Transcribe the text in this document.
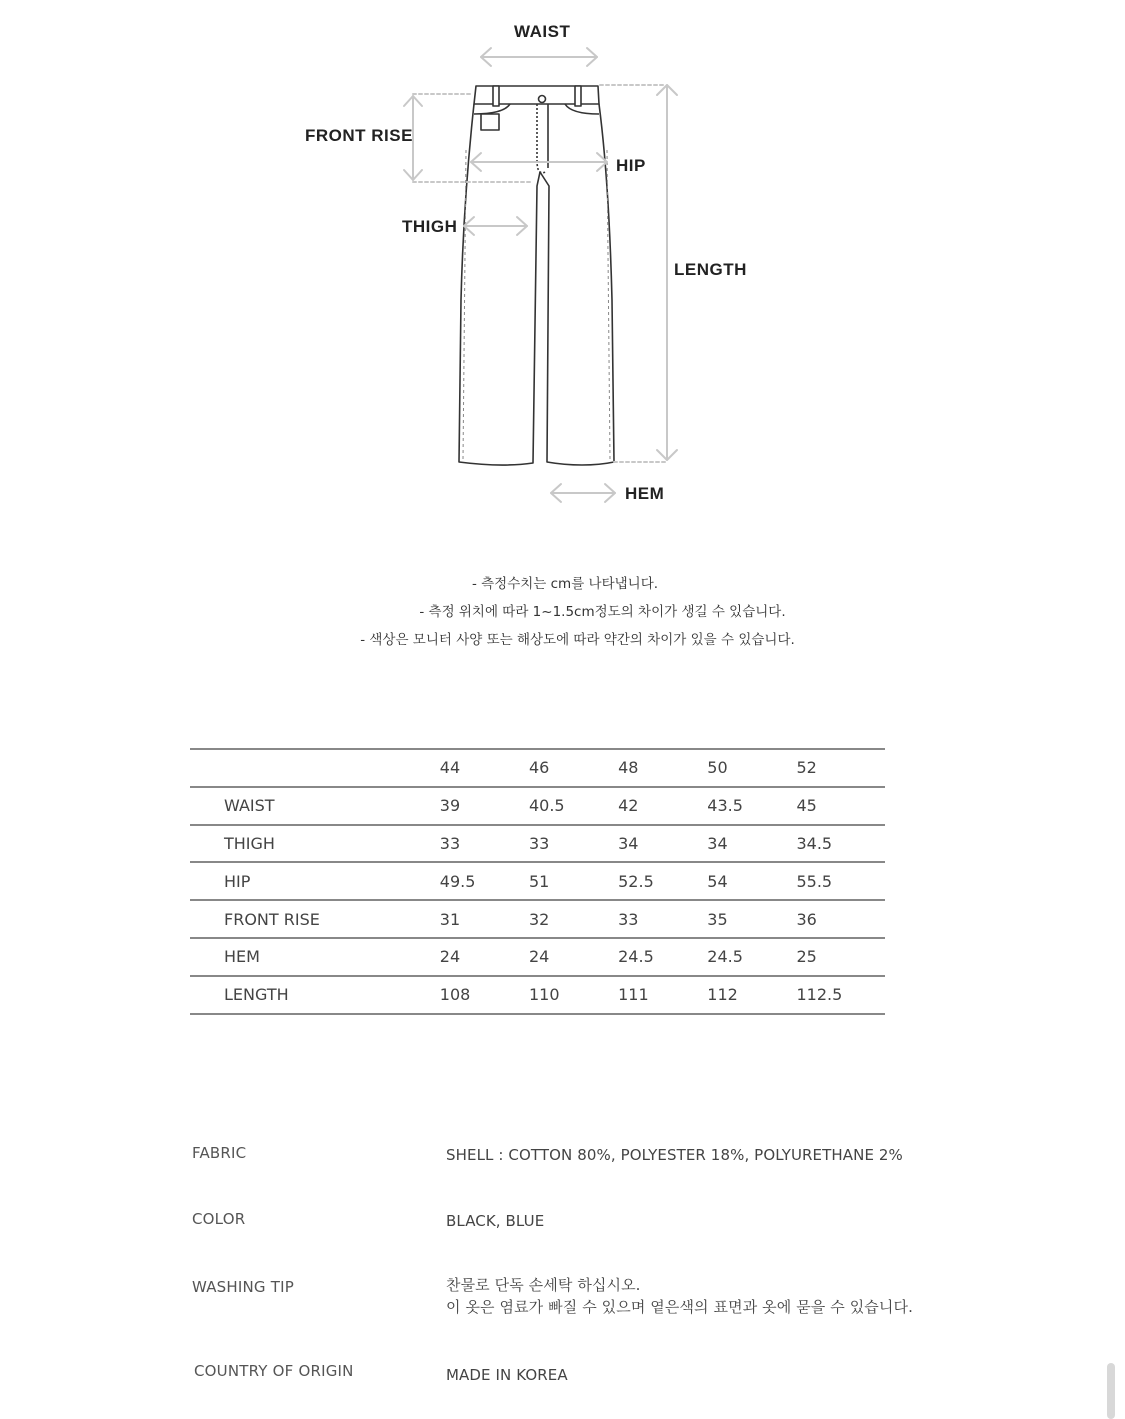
WAIST
FRONT RISE
HIP
THIGH
LENGTH
HEM
- 측정수치는 cm를 나타냅니다.
- 측정 위치에 따라 1~1.5cm정도의 차이가 생길 수 있습니다.
- 색상은 모니터 사양 또는 해상도에 따라 약간의 차이가 있을 수 있습니다.
	44	46	48	50	52
WAIST	39	40.5	42	43.5	45
THIGH	33	33	34	34	34.5
HIP	49.5	51	52.5	54	55.5
FRONT RISE	31	32	33	35	36
HEM	24	24	24.5	24.5	25
LENGTH	108	110	111	112	112.5
FABRIC	SHELL : COTTON 80%, POLYESTER 18%, POLYURETHANE 2%
COLOR	BLACK, BLUE
WASHING TIP	찬물로 단독 손세탁 하십시오.
이 옷은 염료가 빠질 수 있으며 옅은색의 표면과 옷에 묻을 수 있습니다.
COUNTRY OF ORIGIN	MADE IN KOREA
